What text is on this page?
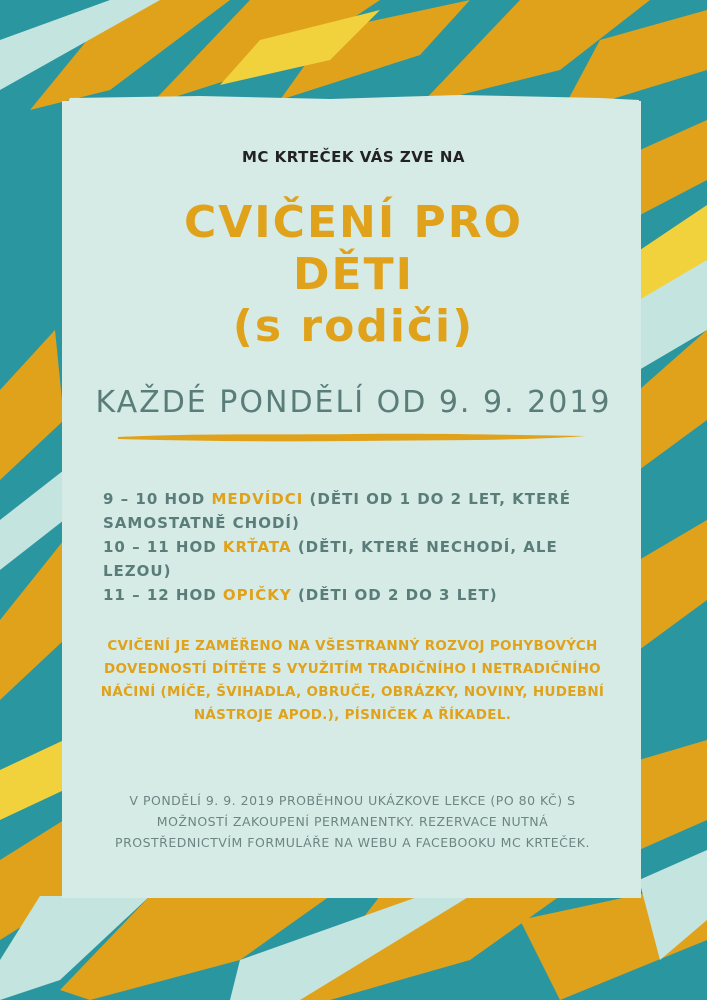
MC KRTEČEK VÁS ZVE NA
CVIČENÍ PRO
DĚTI
(s rodiči)
KAŽDÉ PONDĚLÍ OD 9. 9. 2019
9 – 10 HOD MEDVÍDCI (DĚTI OD 1 DO 2 LET, KTERÉ SAMOSTATNĚ CHODÍ)
10 – 11 HOD KRŤATA (DĚTI, KTERÉ NECHODÍ, ALE LEZOU)
11 – 12 HOD OPIČKY (DĚTI OD 2 DO 3 LET)
CVIČENÍ JE ZAMĚŘENO NA VŠESTRANNÝ ROZVOJ POHYBOVÝCH DOVEDNOSTÍ DÍTĚTE S VYUŽITÍM TRADIČNÍHO I NETRADIČNÍHO NÁČINÍ (MÍČE, ŠVIHADLA, OBRUČE, OBRÁZKY, NOVINY, HUDEBNÍ NÁSTROJE APOD.), PÍSNIČEK A ŘÍKADEL.
V PONDĚLÍ 9. 9. 2019 PROBĚHNOU UKÁZKOVE LEKCE (PO 80 KČ) S MOŽNOSTÍ ZAKOUPENÍ PERMANENTKY. REZERVACE NUTNÁ PROSTŘEDNICTVÍM FORMULÁŘE NA WEBU A FACEBOOKU MC KRTEČEK.
